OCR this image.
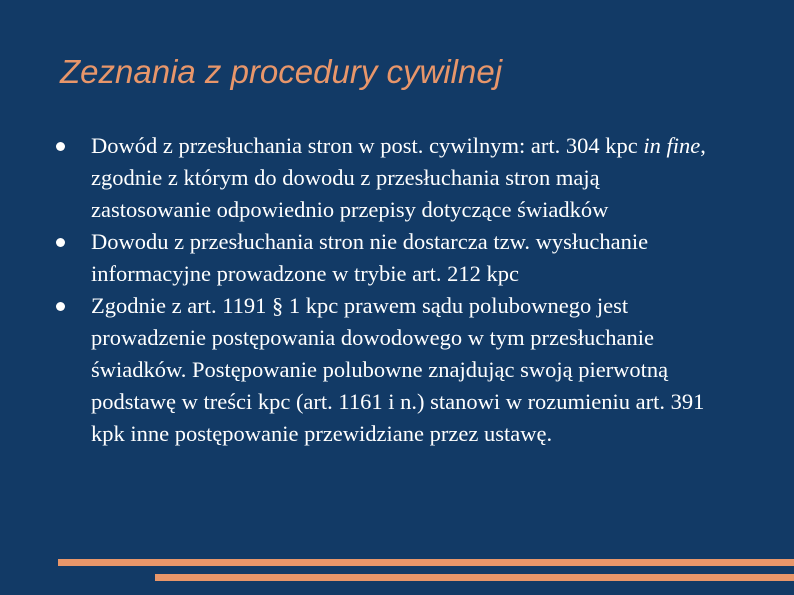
Zeznania z procedury cywilnej
Dowód z przesłuchania stron w post. cywilnym: art. 304 kpc in fine, zgodnie z którym do dowodu z przesłuchania stron mają zastosowanie odpowiednio przepisy dotyczące świadków
Dowodu z przesłuchania stron nie dostarcza tzw. wysłuchanie informacyjne prowadzone w trybie art. 212 kpc
Zgodnie z art. 1191 § 1 kpc prawem sądu polubownego jest prowadzenie postępowania dowodowego w tym przesłuchanie świadków. Postępowanie polubowne znajdując swoją pierwotną podstawę w treści kpc (art. 1161 i n.) stanowi w rozumieniu art. 391 kpk inne postępowanie przewidziane przez ustawę.
